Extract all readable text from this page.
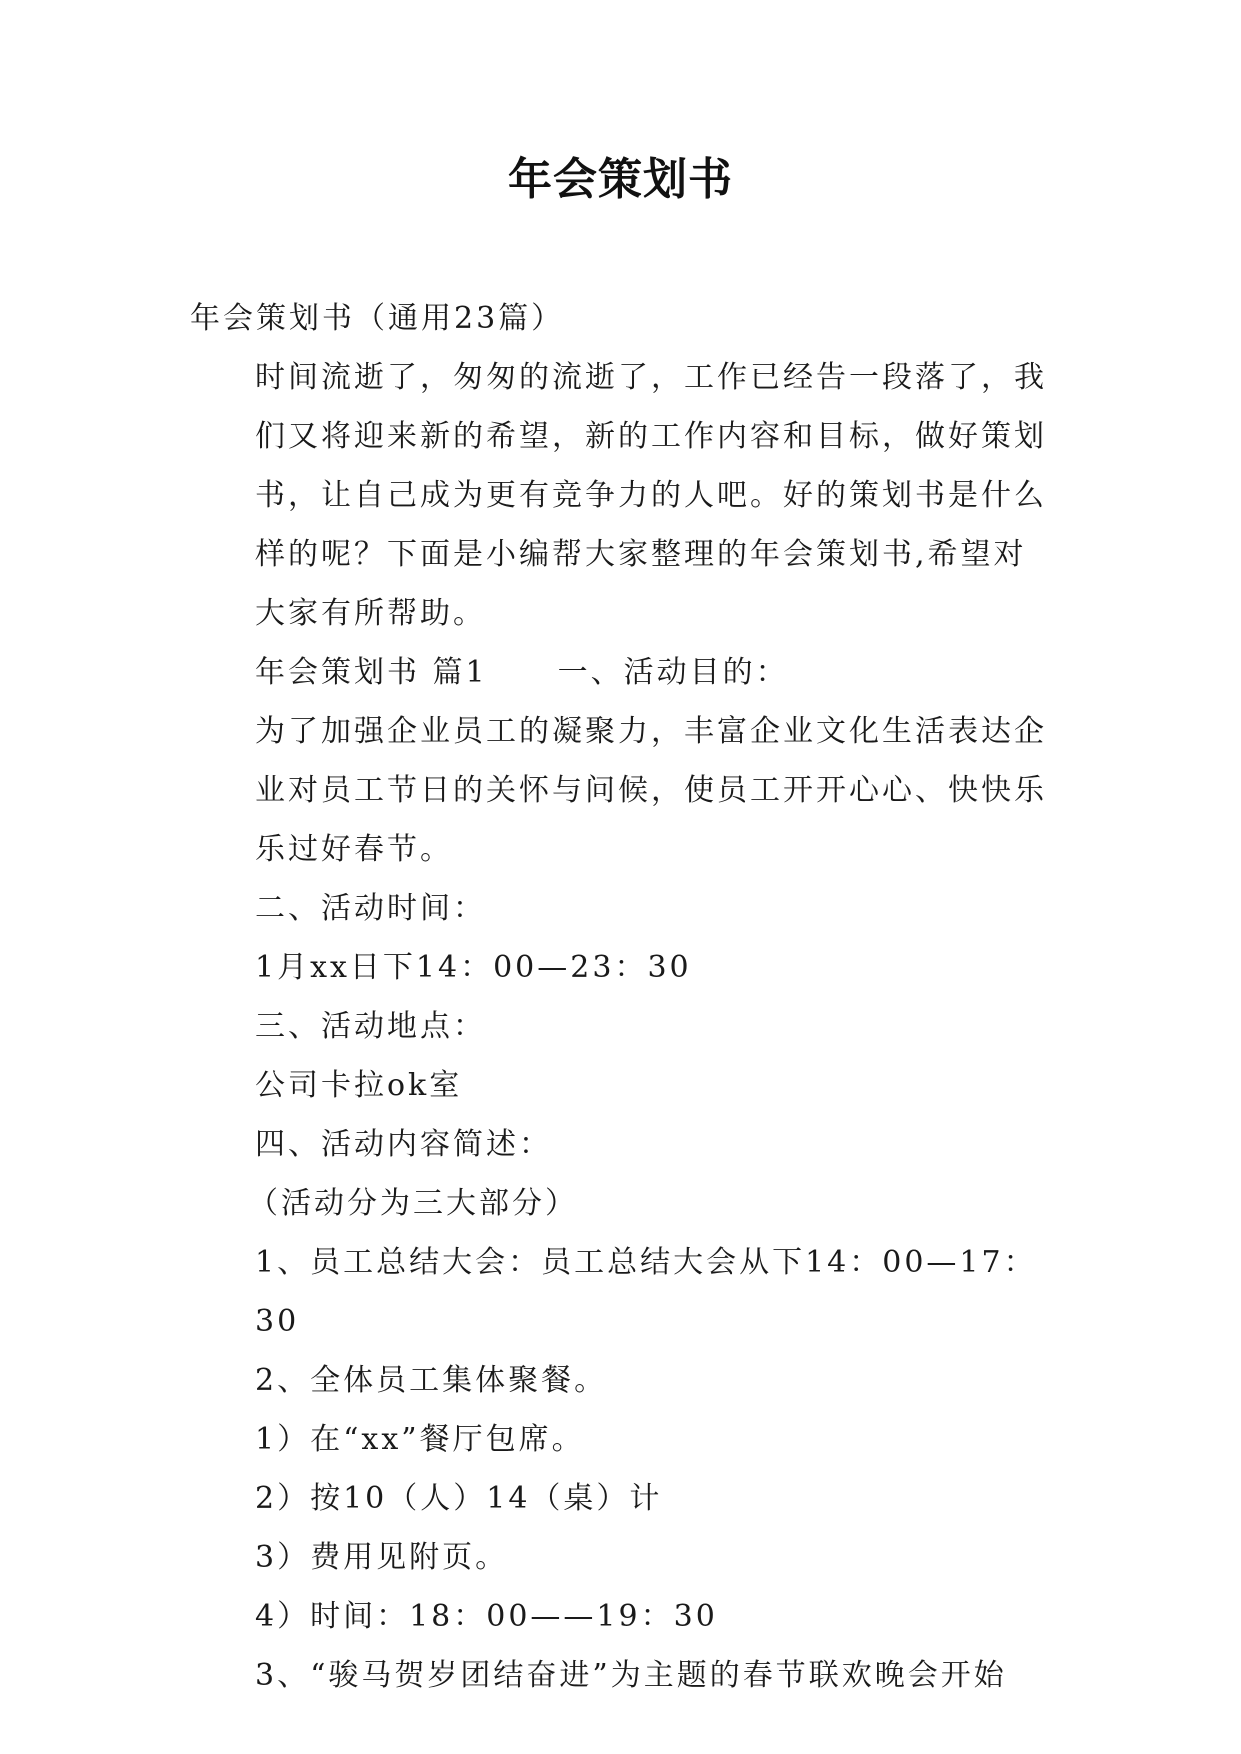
年会策划书

年会策划书（通用23篇）

时间流逝了，匆匆的流逝了，工作已经告一段落了，我们又将迎来新的希望，新的工作内容和目标，做好策划书，让自己成为更有竞争力的人吧。好的策划书是什么样的呢？下面是小编帮大家整理的年会策划书,希望对大家有所帮助。

年会策划书 篇1 一、活动目的：

为了加强企业员工的凝聚力，丰富企业文化生活表达企业对员工节日的关怀与问候，使员工开开心心、快快乐乐过好春节。

二、活动时间：

1月xx日下14：00—23：30

三、活动地点：

公司卡拉ok室

四、活动内容简述：

（活动分为三大部分）

1、员工总结大会：员工总结大会从下14：00—17：30

2、全体员工集体聚餐。

1）在“xx”餐厅包席。

2）按10（人）14（桌）计

3）费用见附页。

4）时间：18：00——19：30

3、“骏马贺岁团结奋进”为主题的春节联欢晚会开始
